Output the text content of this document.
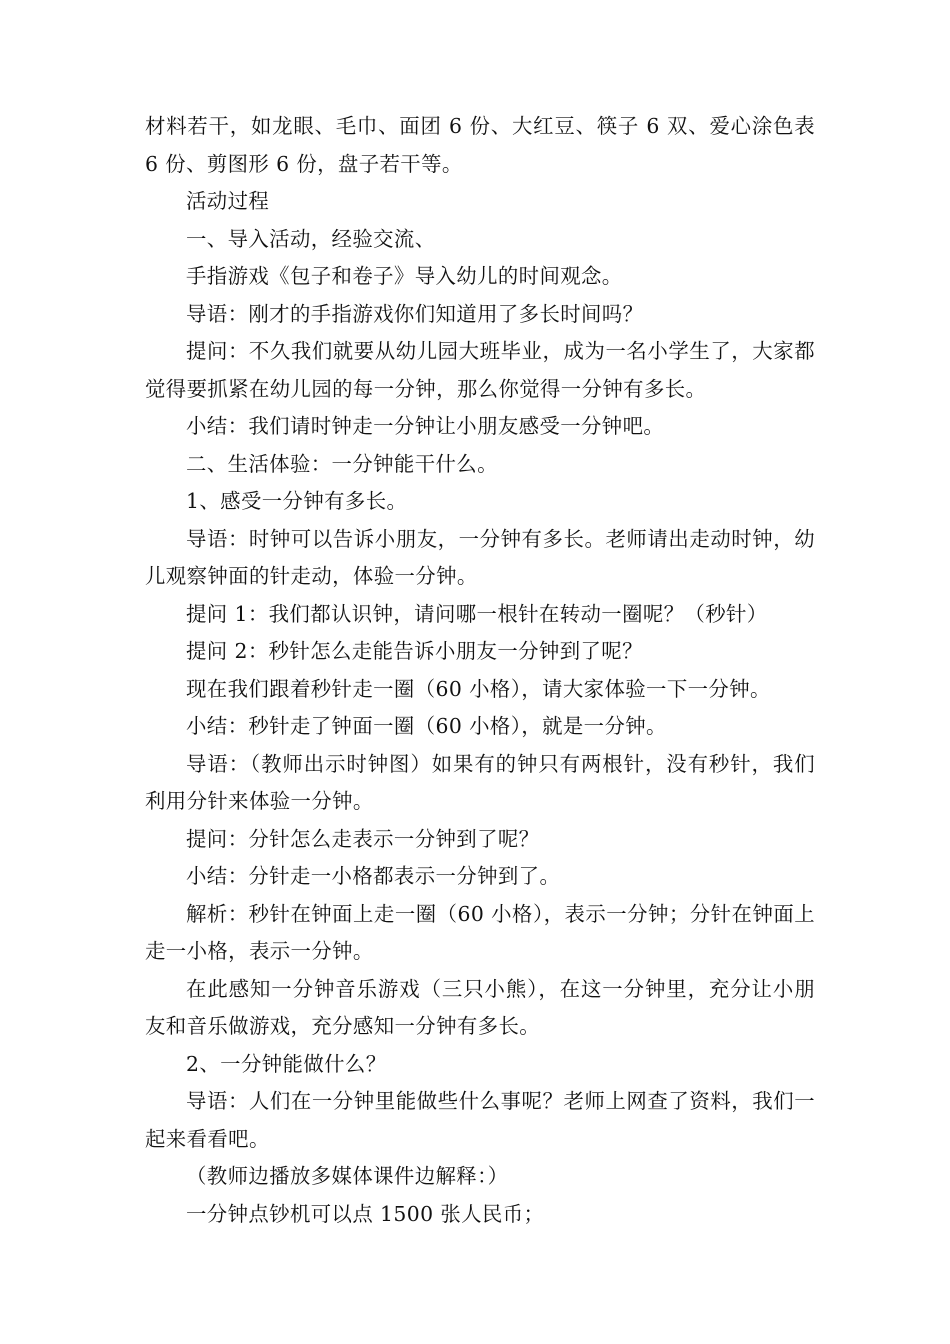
材料若干，如龙眼、毛巾、面团 6 份、大红豆、筷子 6 双、爱心涂色表 6 份、剪图形 6 份，盘子若干等。

活动过程

一、导入活动，经验交流、

手指游戏《包子和卷子》导入幼儿的时间观念。

导语：刚才的手指游戏你们知道用了多长时间吗？

提问：不久我们就要从幼儿园大班毕业，成为一名小学生了，大家都觉得要抓紧在幼儿园的每一分钟，那么你觉得一分钟有多长。

小结：我们请时钟走一分钟让小朋友感受一分钟吧。

二、生活体验：一分钟能干什么。

1、感受一分钟有多长。

导语：时钟可以告诉小朋友，一分钟有多长。老师请出走动时钟，幼儿观察钟面的针走动，体验一分钟。

提问 1：我们都认识钟，请问哪一根针在转动一圈呢？（秒针）

提问 2：秒针怎么走能告诉小朋友一分钟到了呢？

现在我们跟着秒针走一圈（60 小格），请大家体验一下一分钟。

小结：秒针走了钟面一圈（60 小格），就是一分钟。

导语：（教师出示时钟图）如果有的钟只有两根针，没有秒针，我们利用分针来体验一分钟。

提问：分针怎么走表示一分钟到了呢？

小结：分针走一小格都表示一分钟到了。

解析：秒针在钟面上走一圈（60 小格），表示一分钟；分针在钟面上走一小格，表示一分钟。

在此感知一分钟音乐游戏（三只小熊），在这一分钟里，充分让小朋友和音乐做游戏，充分感知一分钟有多长。

2、一分钟能做什么？

导语：人们在一分钟里能做些什么事呢？老师上网查了资料，我们一起来看看吧。

（教师边播放多媒体课件边解释：）

一分钟点钞机可以点 1500 张人民币；
